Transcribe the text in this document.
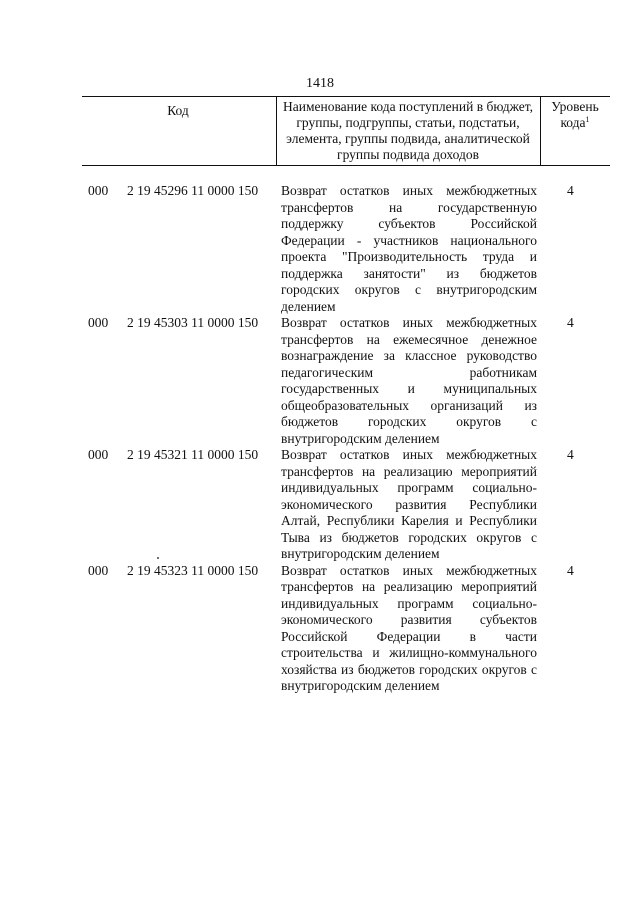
1418
Код	Наименование кода поступлений в бюджет, группы, подгруппы, статьи, подстатьи, элемента, группы подвида, аналитической группы подвида доходов
Уровень кода$^1$
000 2 19 45296 11 0000 150 Возврат остатков иных межбюджетных трансфертов на государственную поддержку субъектов Российской Федерации - участников национального проекта "Производительность труда и поддержка занятости" из бюджетов городских округов с внутригородским делением
4
000 2 19 45303 11 0000 150 Возврат остатков иных межбюджетных трансфертов на ежемесячное денежное вознаграждение за классное руководство педагогическим работникам государственных и муниципальных общеобразовательных организаций из бюджетов городских округов с внутригородским делением
4
000 2 19 45321 11 0000 150 Возврат остатков иных межбюджетных трансфертов на реализацию мероприятий индивидуальных программ социально-экономического развития Республики Алтай, Республики Карелия и Республики Тыва из бюджетов городских округов с внутригородским делением
4
000 2 19 45323 11 0000 150 Возврат остатков иных межбюджетных трансфертов на реализацию мероприятий индивидуальных программ социально-экономического развития субъектов Российской Федерации в части строительства и жилищно-коммунального хозяйства из бюджетов городских округов с внутригородским делением
4
